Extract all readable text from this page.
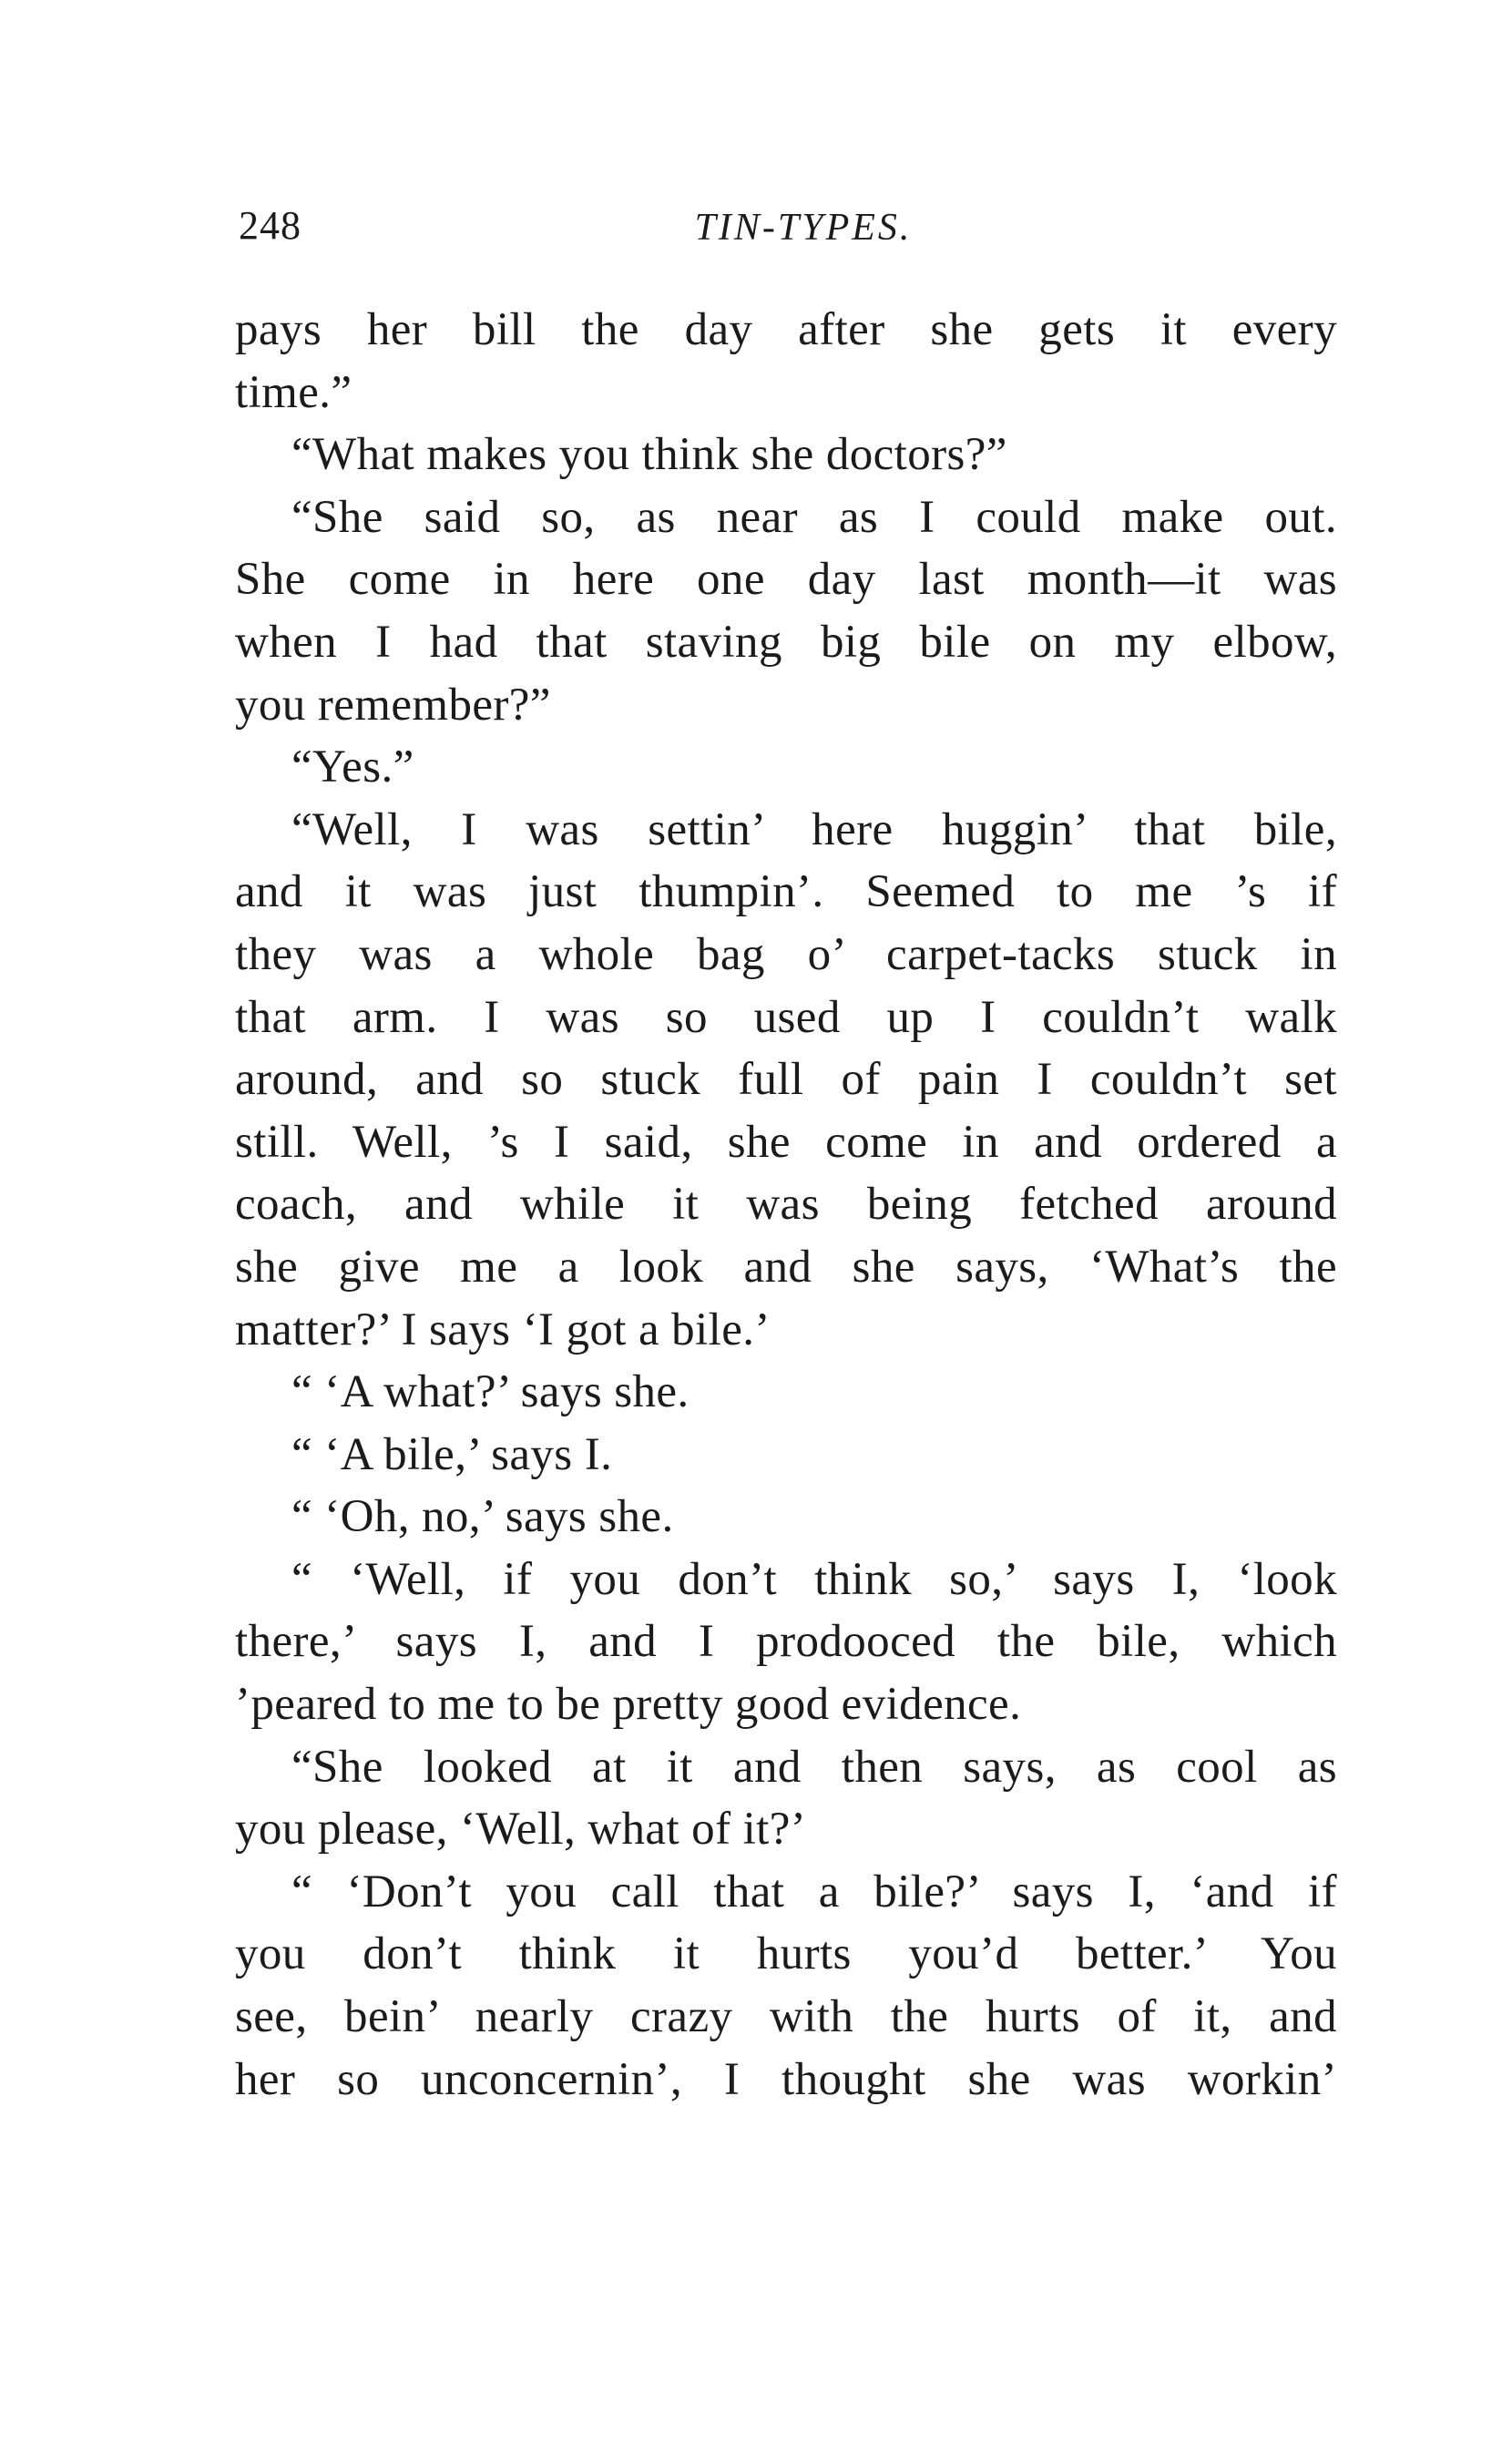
248	TIN-TYPES.
pays her bill the day after she gets it every
time.”
“What makes you think she doctors?”
“She said so, as near as I could make out.
She come in here one day last month—it was
when I had that staving big bile on my elbow,
you remember?”
“Yes.”
“Well, I was settin’ here huggin’ that bile,
and it was just thumpin’. Seemed to me ’s if
they was a whole bag o’ carpet-tacks stuck in
that arm. I was so used up I couldn’t walk
around, and so stuck full of pain I couldn’t set
still. Well, ’s I said, she come in and ordered a
coach, and while it was being fetched around
she give me a look and she says, ‘What’s the
matter?’ I says ‘I got a bile.’
“ ‘A what?’ says she.
“ ‘A bile,’ says I.
“ ‘Oh, no,’ says she.
“ ‘Well, if you don’t think so,’ says I, ‘look
there,’ says I, and I prodooced the bile, which
’peared to me to be pretty good evidence.
“She looked at it and then says, as cool as
you please, ‘Well, what of it?’
“ ‘Don’t you call that a bile?’ says I, ‘and if
you don’t think it hurts you’d better.’ You
see, bein’ nearly crazy with the hurts of it, and
her so unconcernin’, I thought she was workin’
